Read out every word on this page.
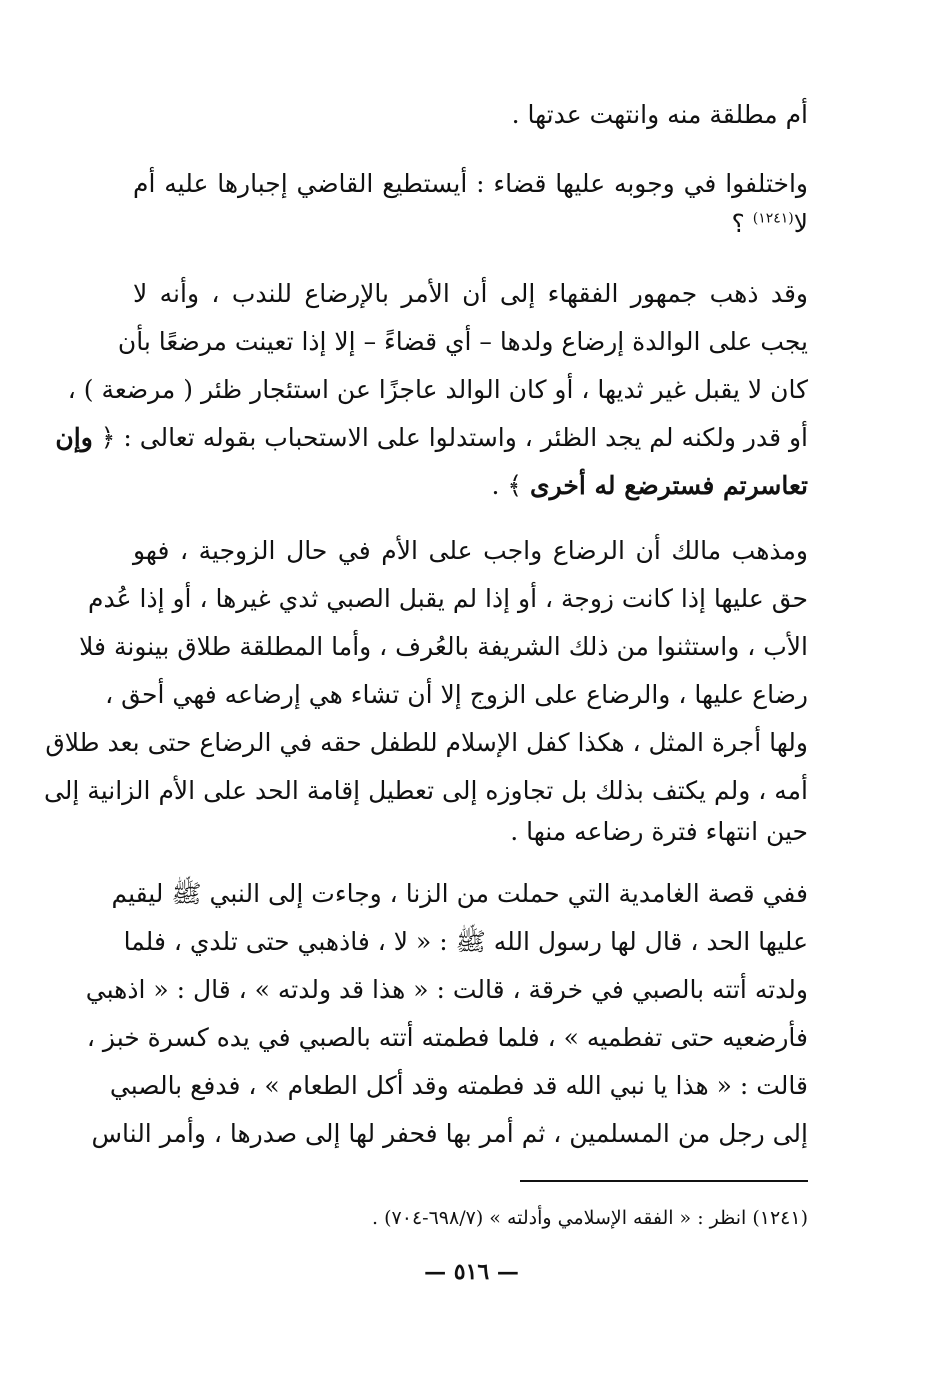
أم مطلقة منه وانتهت عدتها .
واختلفوا في وجوبه عليها قضاء : أيستطيع القاضي إجبارها عليه أم
لا$^{(١٢٤١)}$ ؟
وقد ذهب جمهور الفقهاء إلى أن الأمر بالإرضاع للندب ، وأنه لا
يجب على الوالدة إرضاع ولدها – أي قضاءً – إلا إذا تعينت مرضعًا بأن
كان لا يقبل غير ثديها ، أو كان الوالد عاجزًا عن استئجار ظئر ( مرضعة ) ،
أو قدر ولكنه لم يجد الظئر ، واستدلوا على الاستحباب بقوله تعالى : ﴿ وإن
تعاسرتم فسترضع له أخرى ﴾ .
ومذهب مالك أن الرضاع واجب على الأم في حال الزوجية ، فهو
حق عليها إذا كانت زوجة ، أو إذا لم يقبل الصبي ثدي غيرها ، أو إذا عُدم
الأب ، واستثنوا من ذلك الشريفة بالعُرف ، وأما المطلقة طلاق بينونة فلا
رضاع عليها ، والرضاع على الزوج إلا أن تشاء هي إرضاعه فهي أحق ،
ولها أجرة المثل ، هكذا كفل الإسلام للطفل حقه في الرضاع حتى بعد طلاق
أمه ، ولم يكتف بذلك بل تجاوزه إلى تعطيل إقامة الحد على الأم الزانية إلى
حين انتهاء فترة رضاعه منها .
ففي قصة الغامدية التي حملت من الزنا ، وجاءت إلى النبي ﷺ ليقيم
عليها الحد ، قال لها رسول الله ﷺ : « لا ، فاذهبي حتى تلدي ، فلما
ولدته أتته بالصبي في خرقة ، قالت : « هذا قد ولدته » ، قال : « اذهبي
فأرضعيه حتى تفطميه » ، فلما فطمته أتته بالصبي في يده كسرة خبز ،
قالت : « هذا يا نبي الله قد فطمته وقد أكل الطعام » ، فدفع بالصبي
إلى رجل من المسلمين ، ثم أمر بها فحفر لها إلى صدرها ، وأمر الناس
(١٢٤١) انظر : « الفقه الإسلامي وأدلته » (٦٩٨/٧-٧٠٤) .
— ٥١٦ —
